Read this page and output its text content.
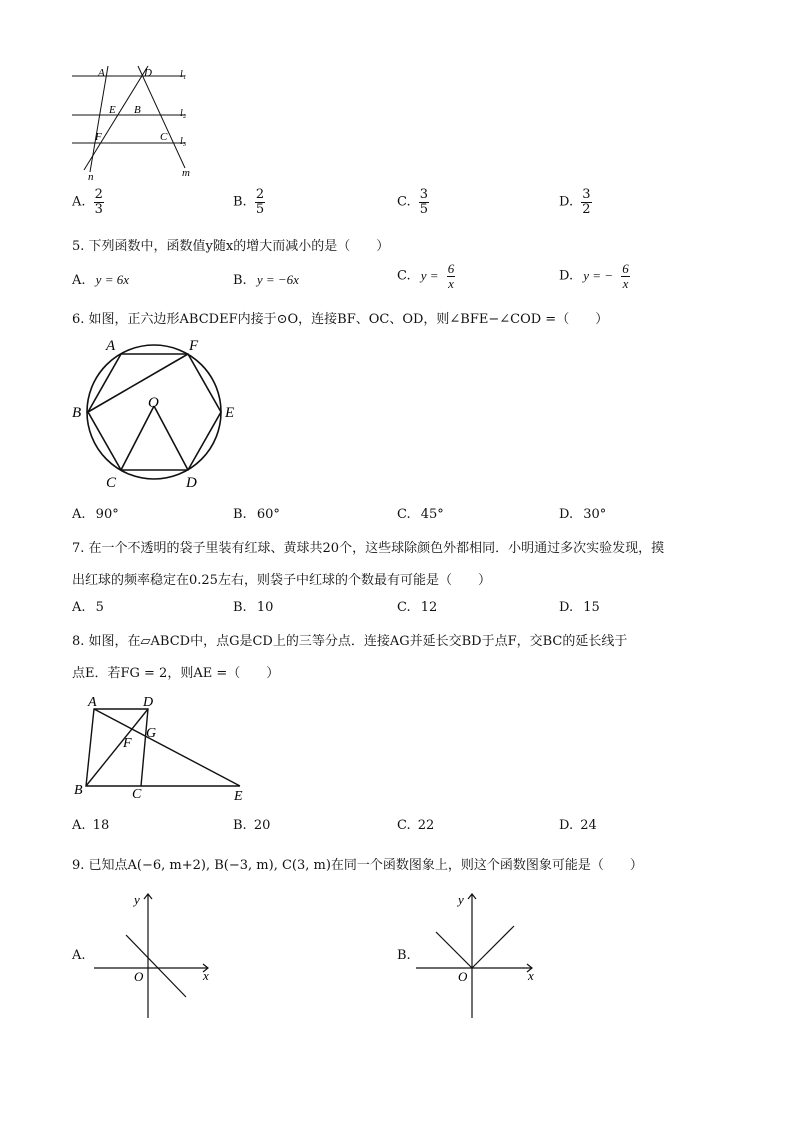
A	D	l₁
E B	l₂
F	C l₃
n	m
A. $\frac{2}{3}$	B. $\frac{2}{5}$	C. $\frac{3}{5}$	D. $\frac{3}{2}$
5. 下列函数中，函数值y随x的增大而减小的是（　　）
A. y = 6x	B. y = −6x	C. $y = \frac{6}{x}$	D. y = − $\frac{6}{x}$
6. 如图，正六边形ABCDEF内接于⊙O，连接BF、OC、OD，则∠BFE−∠COD =（　　）
A	F
B
O
E
C	D
A. 90°	B. 60°	C. 45°	D. 30°
7. 在一个不透明的袋子里装有红球、黄球共20个，这些球除颜色外都相同．小明通过多次实验发现，摸
出红球的频率稳定在0.25左右，则袋子中红球的个数最有可能是（　　）
A. 5	B. 10	C. 12	D. 15
8. 如图，在▱ABCD中，点G是CD上的三等分点．连接AG并延长交BD于点F，交BC的延长线于
点E．若FG = 2，则AE =（　　）
A	D
F
G
B	C	E
A. 18	B. 20	C. 22	D. 24
9. 已知点A(−6, m+2), B(−3, m), C(3, m)在同一个函数图象上，则这个函数图象可能是（　　）
A.
y
x
O
B.
y
x
O
